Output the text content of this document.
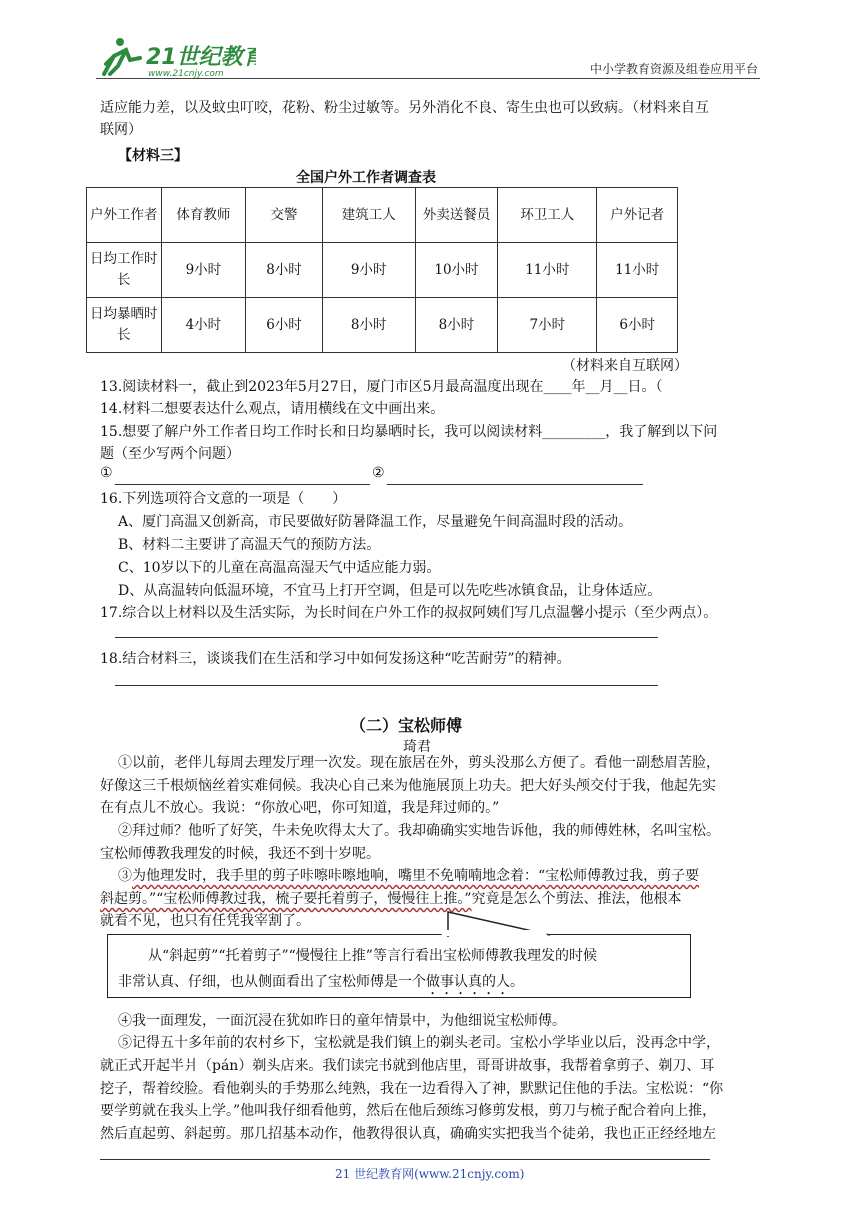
21世纪教育
www.21cnjy.com	中小学教育资源及组卷应用平台

适应能力差，以及蚊虫叮咬，花粉、粉尘过敏等。另外消化不良、寄生虫也可以致病。（材料来自互

联网）

【材料三】

全国户外工作者调查表

户外工作者	体育教师	交警	建筑工人	外卖送餐员	环卫工人	户外记者
日均工作时长	9小时	8小时	9小时	10小时	11小时	11小时
日均暴晒时长	4小时	6小时	8小时	8小时	7小时	6小时

（材料来自互联网）

13.阅读材料一，截止到2023年5月27日，厦门市区5月最高温度出现在____年__月__日。（

14.材料二想要表达什么观点，请用横线在文中画出来。

15.想要了解户外工作者日均工作时长和日均暴晒时长，我可以阅读材料_________，我了解到以下问

题（至少写两个问题）

①	②

16.下列选项符合文意的一项是（　　）

A、厦门高温又创新高，市民要做好防暑降温工作，尽量避免午间高温时段的活动。

B、材料二主要讲了高温天气的预防方法。

C、10岁以下的儿童在高温高湿天气中适应能力弱。

D、从高温转向低温环境，不宜马上打开空调，但是可以先吃些冰镇食品，让身体适应。

17.综合以上材料以及生活实际，为长时间在户外工作的叔叔阿姨们写几点温馨小提示（至少两点）。

18.结合材料三，谈谈我们在生活和学习中如何发扬这种“吃苦耐劳”的精神。

（二）宝松师傅

琦君

①以前，老伴儿每周去理发厅理一次发。现在旅居在外，剪头没那么方便了。看他一副愁眉苦脸，

好像这三千根烦恼丝着实难伺候。我决心自己来为他施展顶上功夫。把大好头颅交付于我，他起先实

在有点儿不放心。我说：“你放心吧，你可知道，我是拜过师的。”

②拜过师？他听了好笑，牛未免吹得太大了。我却确确实实地告诉他，我的师傅姓林，名叫宝松。

宝松师傅教我理发的时候，我还不到十岁呢。

③为他理发时，我手里的剪子咔嚓咔嚓地响，嘴里不免喃喃地念着：“宝松师傅教过我，剪子要

斜起剪。”“宝松师傅教过我，梳子要托着剪子，慢慢往上推。”究竟是怎么个剪法、推法，他根本

就看不见，也只有任凭我宰割了。

从“斜起剪”“托着剪子”“慢慢往上推”等言行看出宝松师傅教我理发的时候

非常认真、仔细，也从侧面看出了宝松师傅是一个做事认真的人。

④我一面理发，一面沉浸在犹如昨日的童年情景中，为他细说宝松师傅。

⑤记得五十多年前的农村乡下，宝松就是我们镇上的剃头老司。宝松小学毕业以后，没再念中学，

就正式开起半爿（pán）剃头店来。我们读完书就到他店里，哥哥讲故事，我帮着拿剪子、剃刀、耳

挖子，帮着绞脸。看他剃头的手势那么纯熟，我在一边看得入了神，默默记住他的手法。宝松说：“你

要学剪就在我头上学。”他叫我仔细看他剪，然后在他后颈练习修剪发根，剪刀与梳子配合着向上推，

然后直起剪、斜起剪。那几招基本动作，他教得很认真，确确实实把我当个徒弟，我也正正经经地左

21 世纪教育网(www.21cnjy.com)
